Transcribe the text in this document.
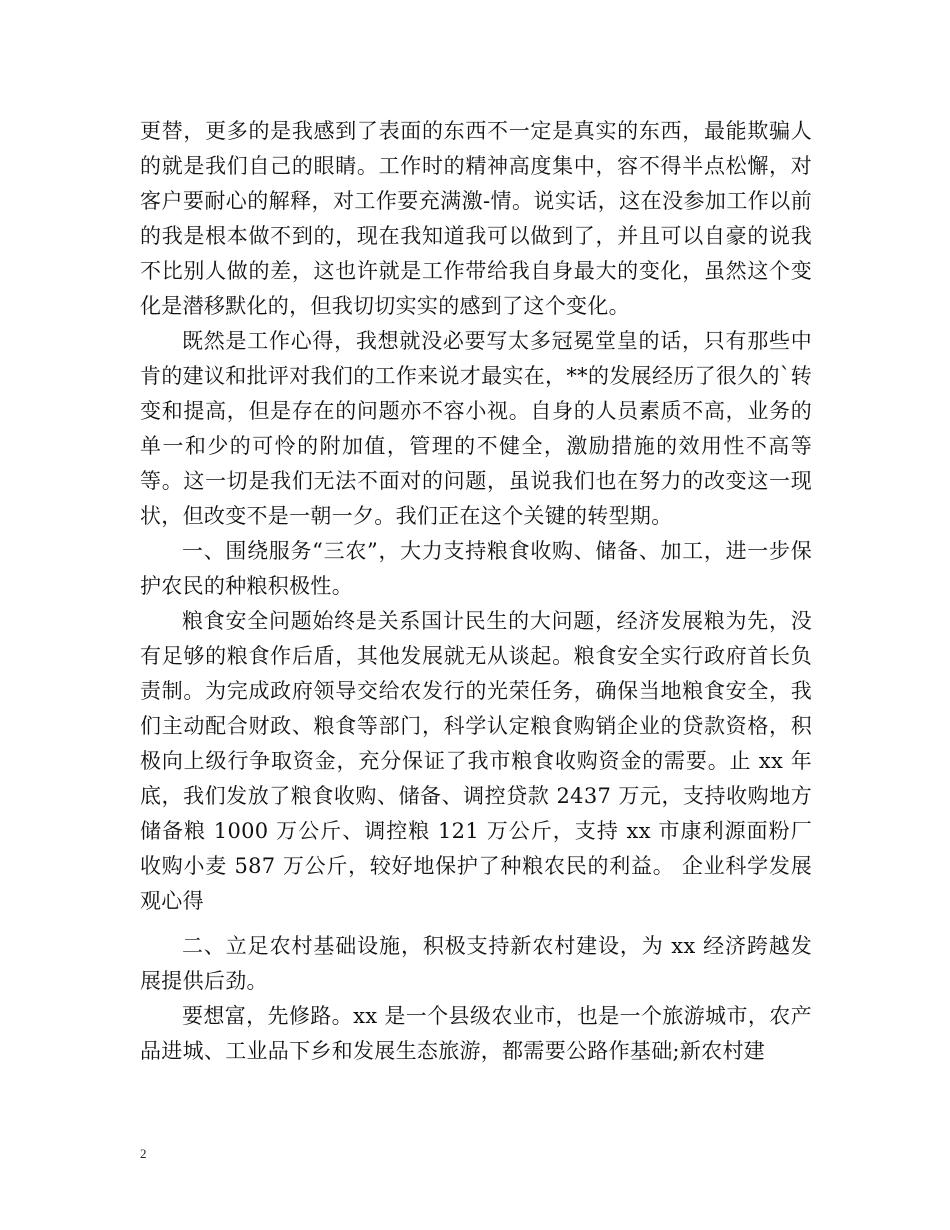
更替，更多的是我感到了表面的东西不一定是真实的东西，最能欺骗人的就是我们自己的眼睛。工作时的精神高度集中，容不得半点松懈，对客户要耐心的解释，对工作要充满激-情。说实话，这在没参加工作以前的我是根本做不到的，现在我知道我可以做到了，并且可以自豪的说我不比别人做的差，这也许就是工作带给我自身最大的变化，虽然这个变化是潜移默化的，但我切切实实的感到了这个变化。

既然是工作心得，我想就没必要写太多冠冕堂皇的话，只有那些中肯的建议和批评对我们的工作来说才最实在，**的发展经历了很久的`转变和提高，但是存在的问题亦不容小视。自身的人员素质不高，业务的单一和少的可怜的附加值，管理的不健全，激励措施的效用性不高等等。这一切是我们无法不面对的问题，虽说我们也在努力的改变这一现状，但改变不是一朝一夕。我们正在这个关键的转型期。

一、围绕服务“三农”，大力支持粮食收购、储备、加工，进一步保护农民的种粮积极性。

粮食安全问题始终是关系国计民生的大问题，经济发展粮为先，没有足够的粮食作后盾，其他发展就无从谈起。粮食安全实行政府首长负责制。为完成政府领导交给农发行的光荣任务，确保当地粮食安全，我们主动配合财政、粮食等部门，科学认定粮食购销企业的贷款资格，积极向上级行争取资金，充分保证了我市粮食收购资金的需要。止 xx 年底，我们发放了粮食收购、储备、调控贷款 2437 万元，支持收购地方储备粮 1000 万公斤、调控粮 121 万公斤，支持 xx 市康利源面粉厂收购小麦 587 万公斤，较好地保护了种粮农民的利益。 企业科学发展观心得

二、立足农村基础设施，积极支持新农村建设，为 xx 经济跨越发展提供后劲。

要想富，先修路。xx 是一个县级农业市，也是一个旅游城市，农产品进城、工业品下乡和发展生态旅游，都需要公路作基础;新农村建

2
